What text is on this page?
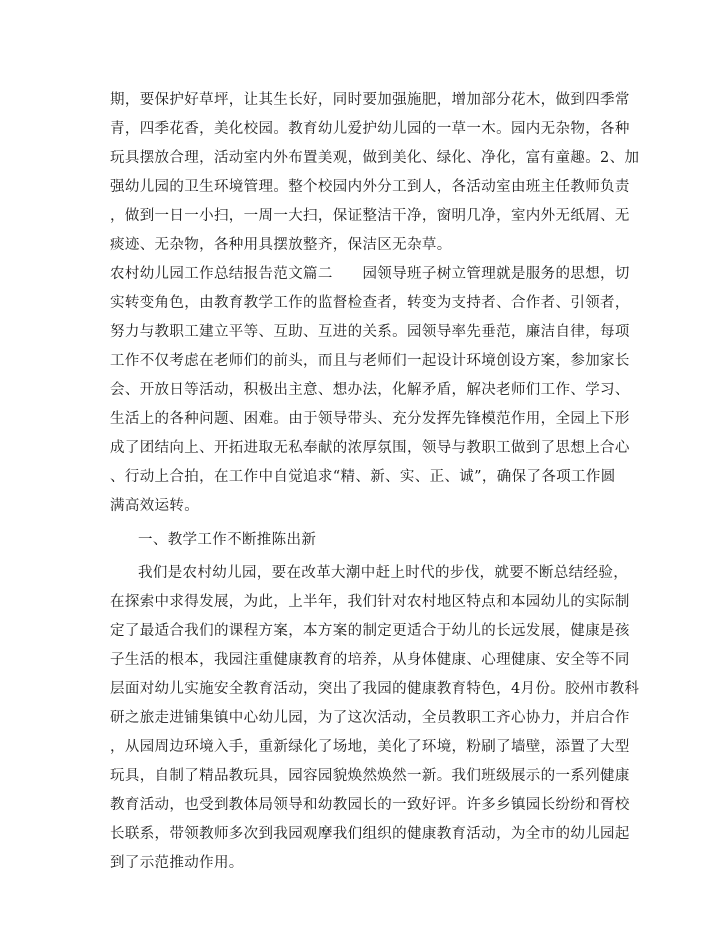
期，要保护好草坪，让其生长好，同时要加强施肥，增加部分花木，做到四季常
青，四季花香，美化校园。教育幼儿爱护幼儿园的一草一木。园内无杂物，各种
玩具摆放合理，活动室内外布置美观，做到美化、绿化、净化，富有童趣。2、加
强幼儿园的卫生环境管理。整个校园内外分工到人，各活动室由班主任教师负责
，做到一日一小扫，一周一大扫，保证整洁干净，窗明几净，室内外无纸屑、无
痰迹、无杂物，各种用具摆放整齐，保洁区无杂草。
农村幼儿园工作总结报告范文篇二　　园领导班子树立管理就是服务的思想，切
实转变角色，由教育教学工作的监督检查者，转变为支持者、合作者、引领者，
努力与教职工建立平等、互助、互进的关系。园领导率先垂范，廉洁自律，每项
工作不仅考虑在老师们的前头，而且与老师们一起设计环境创设方案，参加家长
会、开放日等活动，积极出主意、想办法，化解矛盾，解决老师们工作、学习、
生活上的各种问题、困难。由于领导带头、充分发挥先锋模范作用，全园上下形
成了团结向上、开拓进取无私奉献的浓厚氛围，领导与教职工做到了思想上合心
、行动上合拍，在工作中自觉追求“精、新、实、正、诚”，确保了各项工作圆
满高效运转。
一、教学工作不断推陈出新
我们是农村幼儿园，要在改革大潮中赶上时代的步伐，就要不断总结经验，
在探索中求得发展，为此，上半年，我们针对农村地区特点和本园幼儿的实际制
定了最适合我们的课程方案，本方案的制定更适合于幼儿的长远发展，健康是孩
子生活的根本，我园注重健康教育的培养，从身体健康、心理健康、安全等不同
层面对幼儿实施安全教育活动，突出了我园的健康教育特色，4月份。胶州市教科
研之旅走进铺集镇中心幼儿园，为了这次活动，全员教职工齐心协力，并启合作
，从园周边环境入手，重新绿化了场地，美化了环境，粉刷了墙壁，添置了大型
玩具，自制了精品教玩具，园容园貌焕然焕然一新。我们班级展示的一系列健康
教育活动，也受到教体局领导和幼教园长的一致好评。许多乡镇园长纷纷和胥校
长联系，带领教师多次到我园观摩我们组织的健康教育活动，为全市的幼儿园起
到了示范推动作用。
